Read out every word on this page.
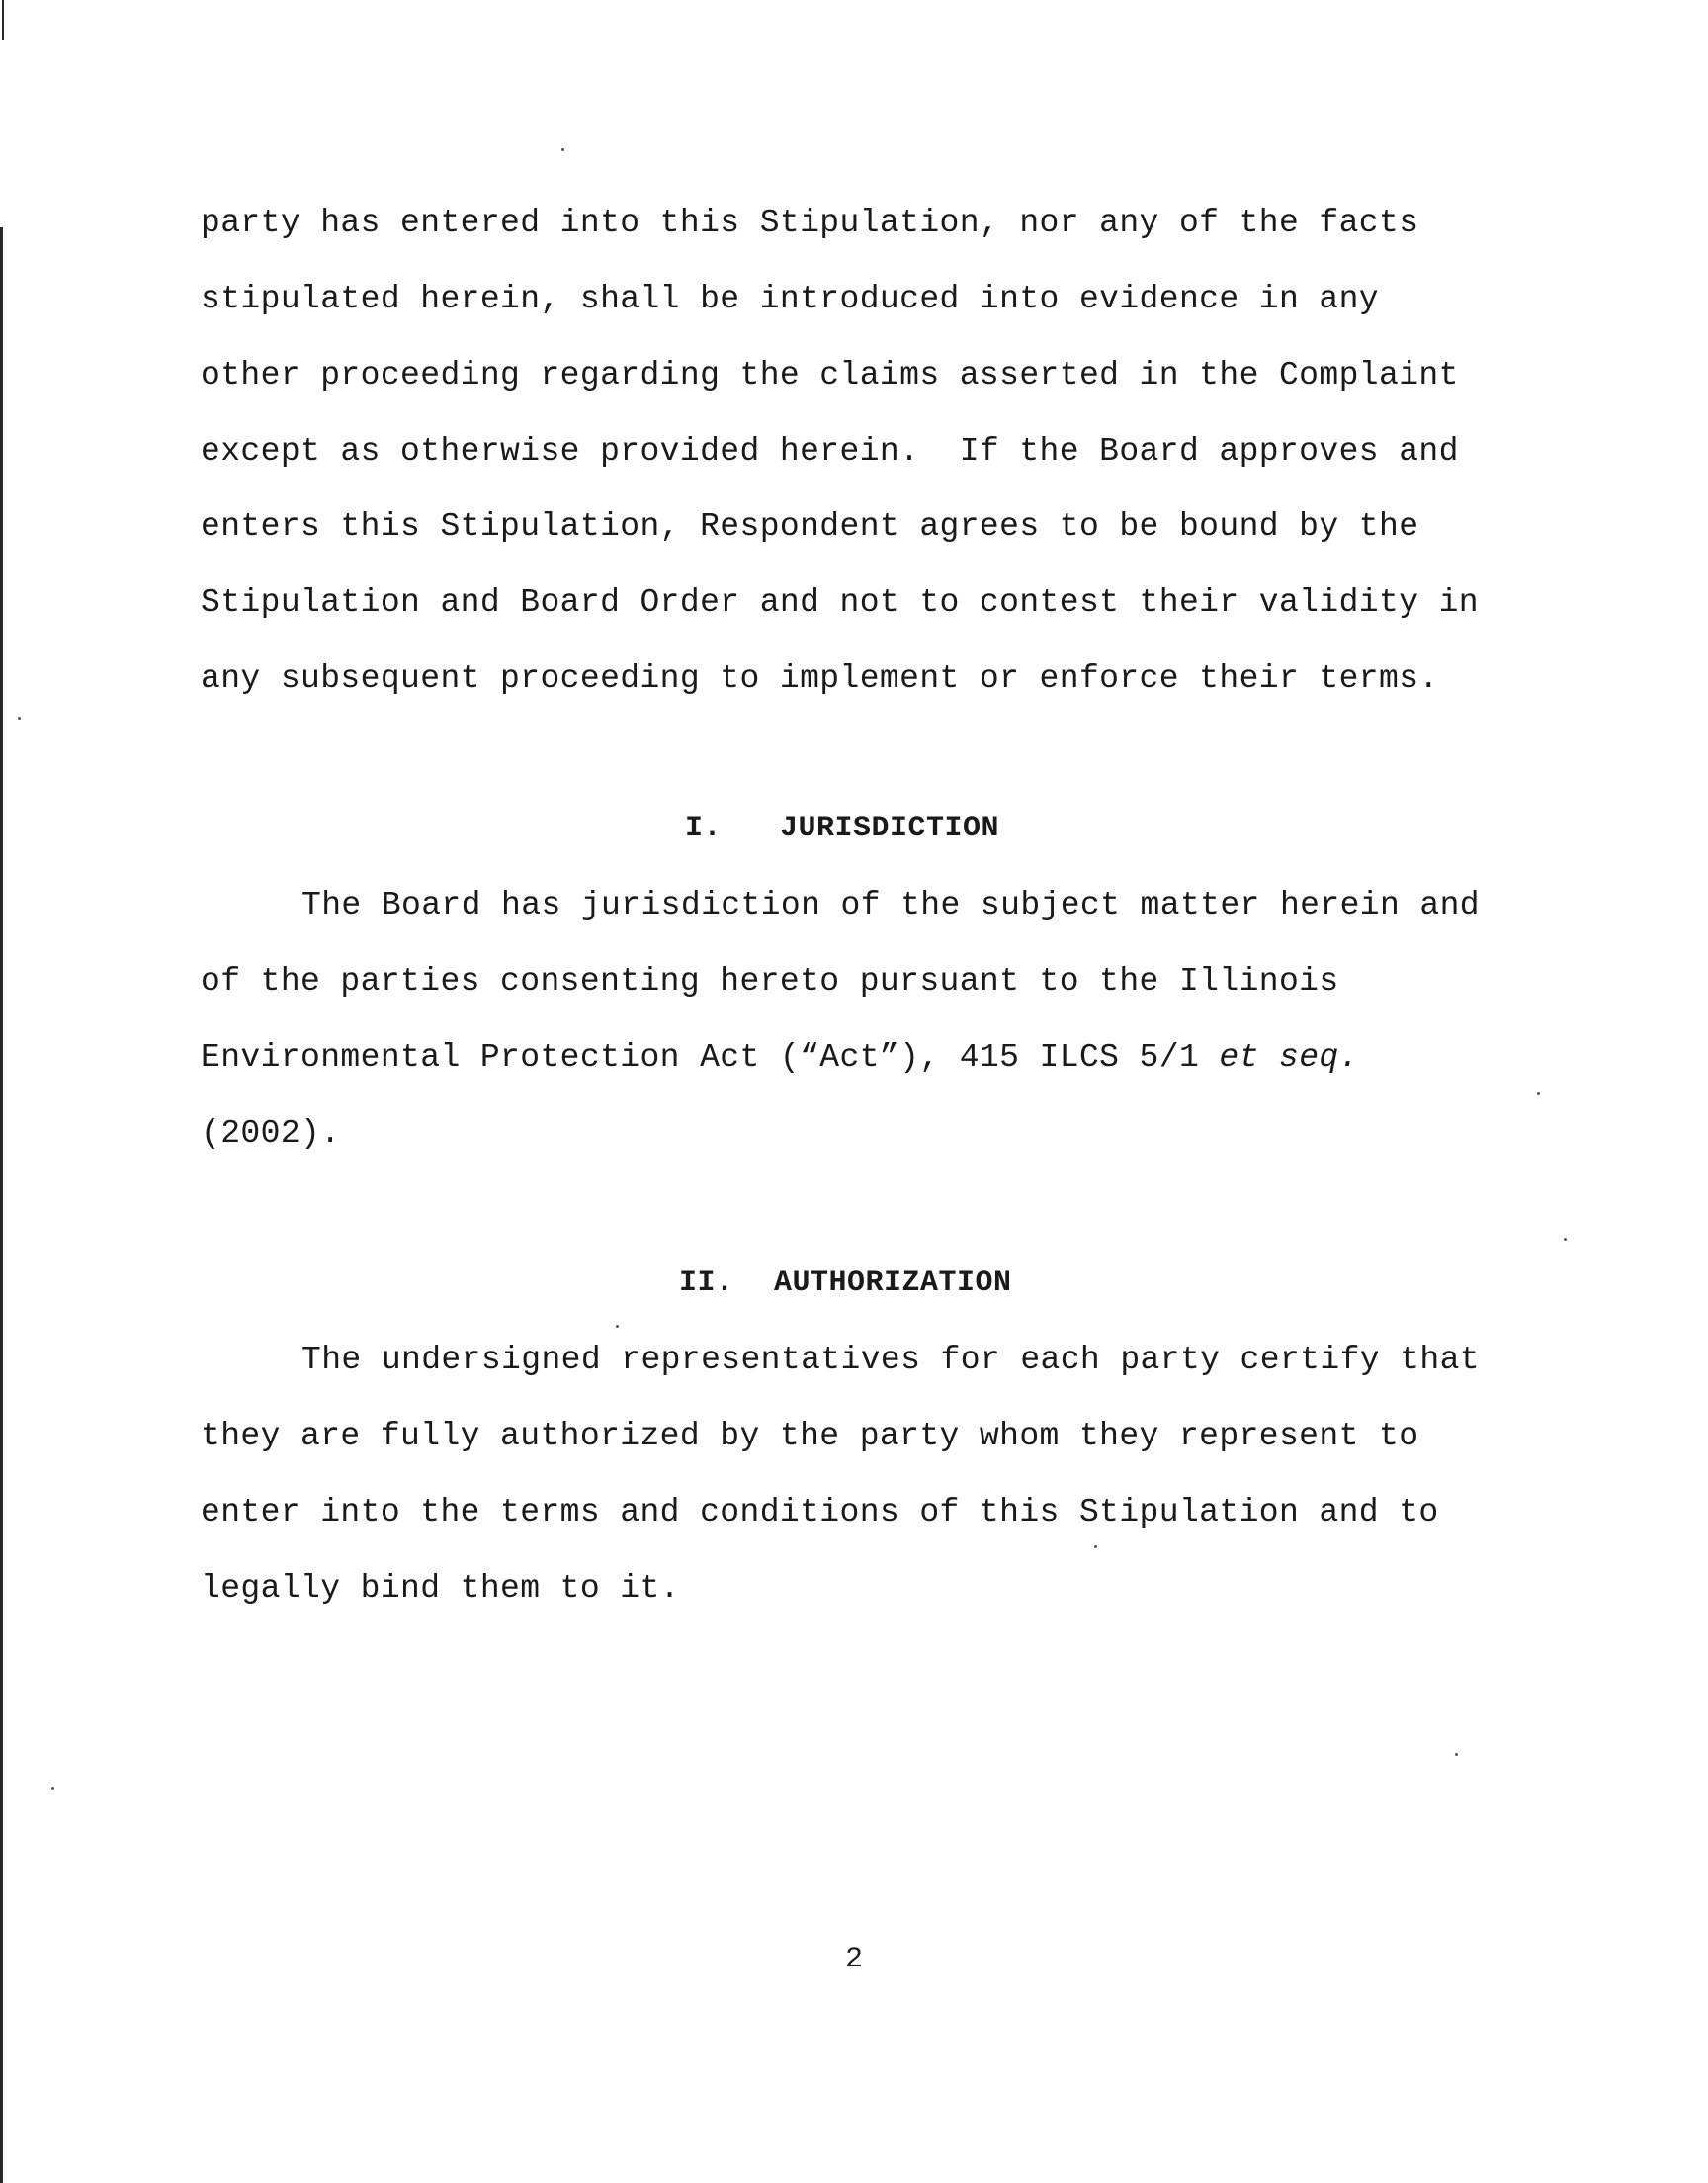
party has entered into this Stipulation, nor any of the facts
stipulated herein, shall be introduced into evidence in any
other proceeding regarding the claims asserted in the Complaint
except as otherwise provided herein.  If the Board approves and
enters this Stipulation, Respondent agrees to be bound by the
Stipulation and Board Order and not to contest their validity in
any subsequent proceeding to implement or enforce their terms.
I. JURISDICTION
The Board has jurisdiction of the subject matter herein and
of the parties consenting hereto pursuant to the Illinois
Environmental Protection Act (“Act”), 415 ILCS 5/1 et seq.
(2002).
II. AUTHORIZATION
The undersigned representatives for each party certify that
they are fully authorized by the party whom they represent to
enter into the terms and conditions of this Stipulation and to
legally bind them to it.
2
